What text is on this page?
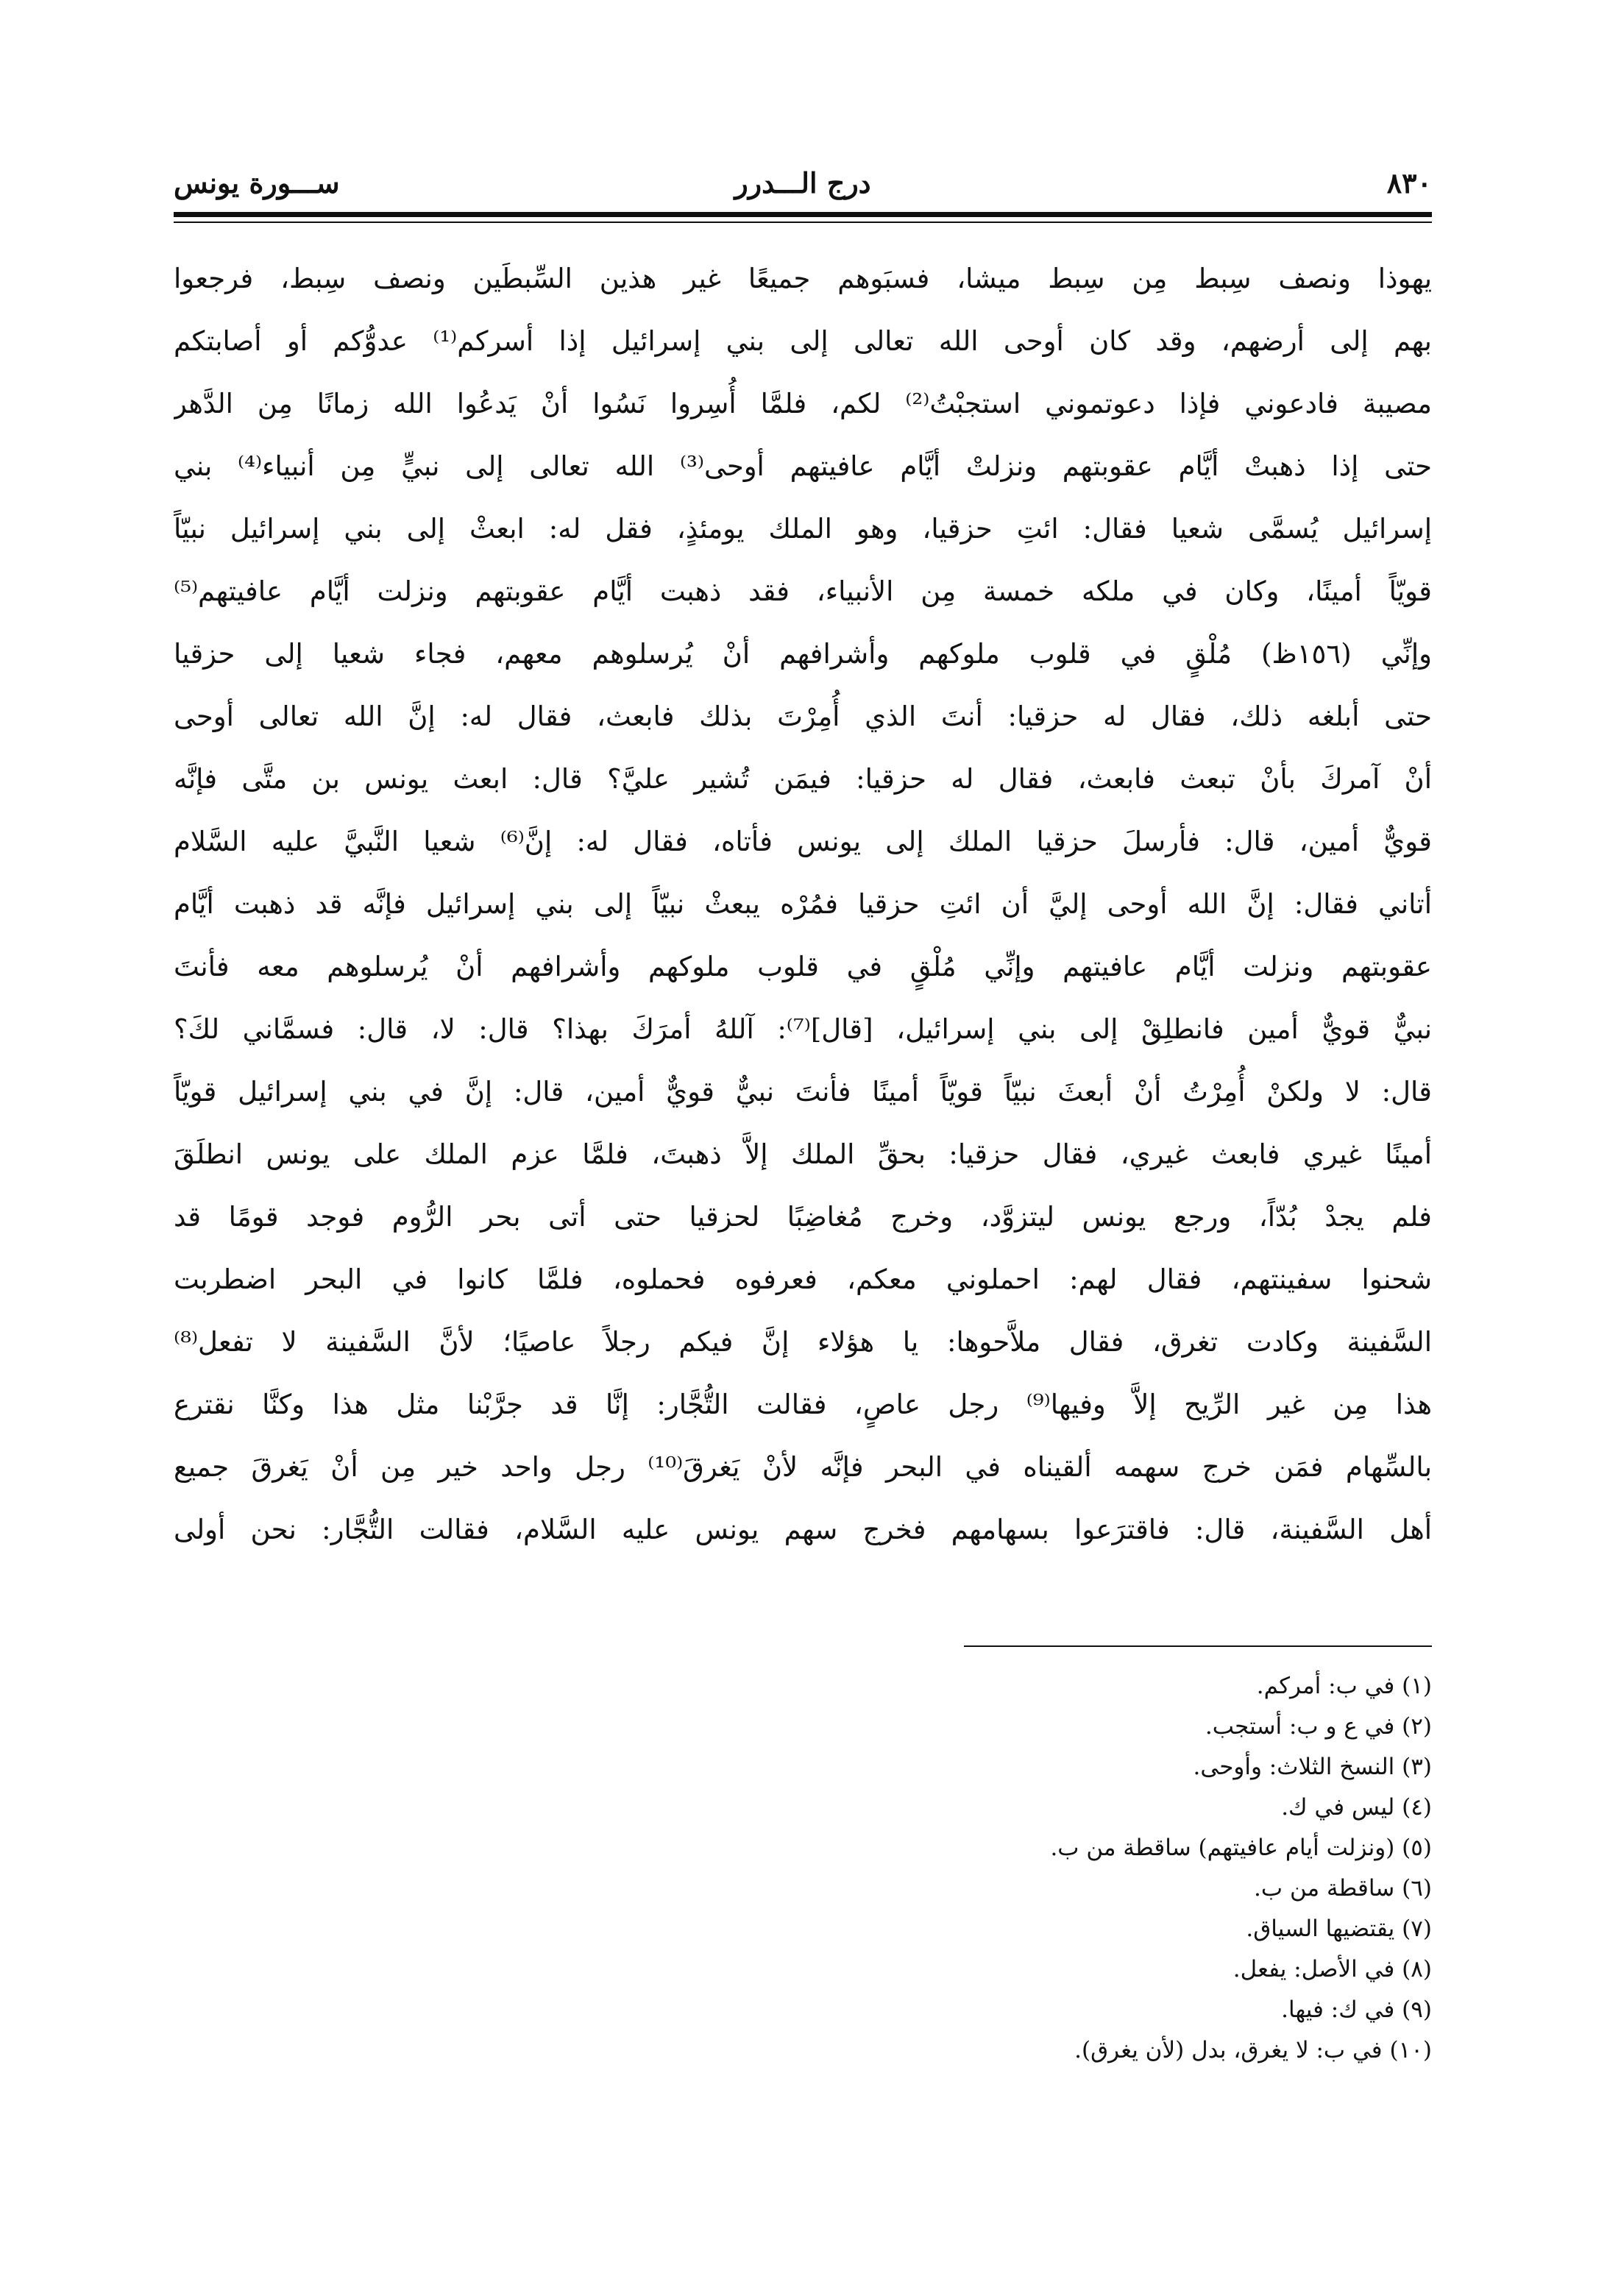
٨٣٠
درج الـــدرر
ســـورة يونس
يهوذا ونصف سِبط مِن سِبط ميشا، فسبَوهم جميعًا غير هذين السِّبطَين ونصف سِبط، فرجعوا
بهم إلى أرضهم، وقد كان أوحى الله تعالى إلى بني إسرائيل إذا أسركم⁽¹⁾ عدوُّكم أو أصابتكم
مصيبة فادعوني فإذا دعوتموني استجبْتُ⁽²⁾ لكم، فلمَّا أُسِروا نَسُوا أنْ يَدعُوا الله زمانًا مِن الدَّهر
حتى إذا ذهبتْ أيَّام عقوبتهم ونزلتْ أيَّام عافيتهم أوحى⁽³⁾ الله تعالى إلى نبيٍّ مِن أنبياء⁽⁴⁾ بني
إسرائيل يُسمَّى شعيا فقال: ائتِ حزقيا، وهو الملك يومئذٍ، فقل له: ابعثْ إلى بني إسرائيل نبيّاً
قويّاً أمينًا، وكان في ملكه خمسة مِن الأنبياء، فقد ذهبت أيَّام عقوبتهم ونزلت أيَّام عافيتهم⁽⁵⁾
وإنِّي (١٥٦ظ) مُلْقٍ في قلوب ملوكهم وأشرافهم أنْ يُرسلوهم معهم، فجاء شعيا إلى حزقيا
حتى أبلغه ذلك، فقال له حزقيا: أنتَ الذي أُمِرْتَ بذلك فابعث، فقال له: إنَّ الله تعالى أوحى
أنْ آمركَ بأنْ تبعث فابعث، فقال له حزقيا: فيمَن تُشير عليَّ؟ قال: ابعث يونس بن متَّى فإنَّه
قويٌّ أمين، قال: فأرسلَ حزقيا الملك إلى يونس فأتاه، فقال له: إنَّ⁽⁶⁾ شعيا النَّبيَّ عليه السَّلام
أتاني فقال: إنَّ الله أوحى إليَّ أن ائتِ حزقيا فمُرْه يبعثْ نبيّاً إلى بني إسرائيل فإنَّه قد ذهبت أيَّام
عقوبتهم ونزلت أيَّام عافيتهم وإنِّي مُلْقٍ في قلوب ملوكهم وأشرافهم أنْ يُرسلوهم معه فأنتَ
نبيٌّ قويٌّ أمين فانطلِقْ إلى بني إسرائيل، [قال]⁽⁷⁾: آللهُ أمرَكَ بهذا؟ قال: لا، قال: فسمَّاني لكَ؟
قال: لا ولكنْ أُمِرْتُ أنْ أبعثَ نبيّاً قويّاً أمينًا فأنتَ نبيٌّ قويٌّ أمين، قال: إنَّ في بني إسرائيل قويّاً
أمينًا غيري فابعث غيري، فقال حزقيا: بحقِّ الملك إلاَّ ذهبتَ، فلمَّا عزم الملك على يونس انطلَقَ
فلم يجدْ بُدّاً، ورجع يونس ليتزوَّد، وخرج مُغاضِبًا لحزقيا حتى أتى بحر الرُّوم فوجد قومًا قد
شحنوا سفينتهم، فقال لهم: احملوني معكم، فعرفوه فحملوه، فلمَّا كانوا في البحر اضطربت
السَّفينة وكادت تغرق، فقال ملاَّحوها: يا هؤلاء إنَّ فيكم رجلاً عاصيًا؛ لأنَّ السَّفينة لا تفعل⁽⁸⁾
هذا مِن غير الرِّيح إلاَّ وفيها⁽⁹⁾ رجل عاصٍ، فقالت التُّجَّار: إنَّا قد جرَّبْنا مثل هذا وكنَّا نقترع
بالسِّهام فمَن خرج سهمه ألقيناه في البحر فإنَّه لأنْ يَغرقَ⁽¹⁰⁾ رجل واحد خير مِن أنْ يَغرقَ جميع
أهل السَّفينة، قال: فاقترَعوا بسهامهم فخرج سهم يونس عليه السَّلام، فقالت التُّجَّار: نحن أولى
(١) في ب: أمركم.
(٢) في ع و ب: أستجب.
(٣) النسخ الثلاث: وأوحى.
(٤) ليس في ك.
(٥) (ونزلت أيام عافيتهم) ساقطة من ب.
(٦) ساقطة من ب.
(٧) يقتضيها السياق.
(٨) في الأصل: يفعل.
(٩) في ك: فيها.
(١٠) في ب: لا يغرق، بدل (لأن يغرق).
